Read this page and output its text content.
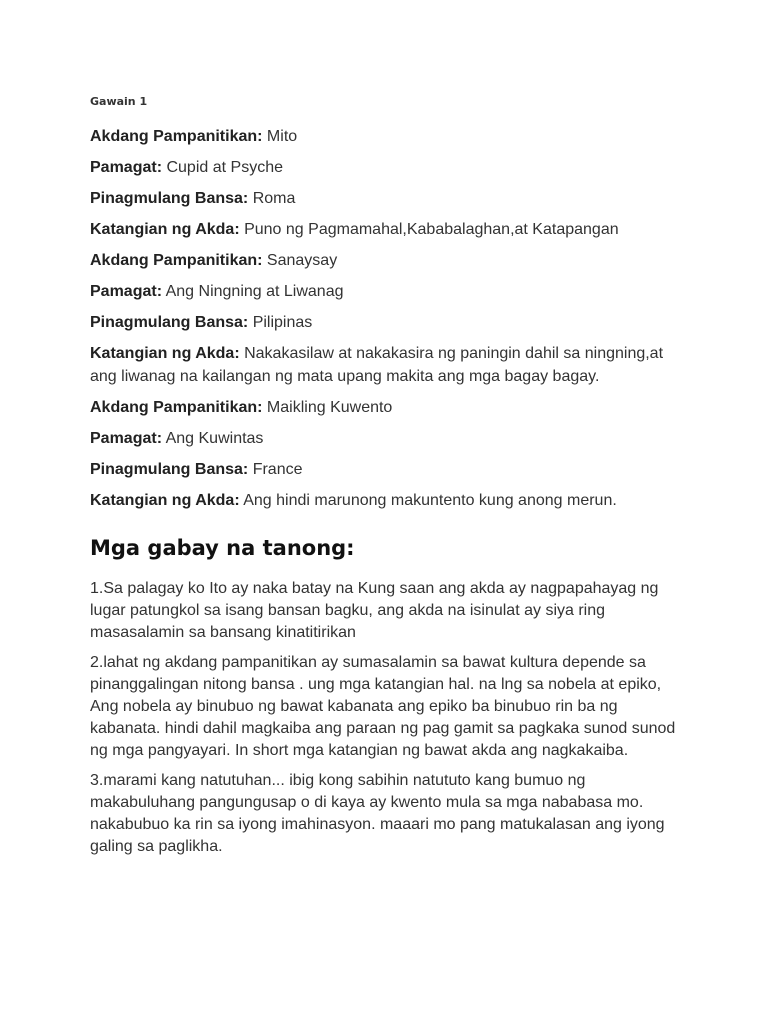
Gawain 1

Akdang Pampanitikan: Mito

Pamagat: Cupid at Psyche

Pinagmulang Bansa: Roma

Katangian ng Akda: Puno ng Pagmamahal,Kababalaghan,at Katapangan

Akdang Pampanitikan: Sanaysay

Pamagat: Ang Ningning at Liwanag

Pinagmulang Bansa: Pilipinas

Katangian ng Akda: Nakakasilaw at nakakasira ng paningin dahil sa ningning,at ang liwanag na kailangan ng mata upang makita ang mga bagay bagay.

Akdang Pampanitikan: Maikling Kuwento

Pamagat: Ang Kuwintas

Pinagmulang Bansa: France

Katangian ng Akda: Ang hindi marunong makuntento kung anong merun.

Mga gabay na tanong:

1.Sa palagay ko Ito ay naka batay na Kung saan ang akda ay nagpapahayag ng lugar patungkol sa isang bansan bagku, ang akda na isinulat ay siya ring masasalamin sa bansang kinatitirikan

2.lahat ng akdang pampanitikan ay sumasalamin sa bawat kultura depende sa pinanggalingan nitong bansa . ung mga katangian hal. na lng sa nobela at epiko, Ang nobela ay binubuo ng bawat kabanata ang epiko ba binubuo rin ba ng kabanata. hindi dahil magkaiba ang paraan ng pag gamit sa pagkaka sunod sunod ng mga pangyayari. In short mga katangian ng bawat akda ang nagkakaiba.

3.marami kang natutuhan... ibig kong sabihin natututo kang bumuo ng makabuluhang pangungusap o di kaya ay kwento mula sa mga nababasa mo. nakabubuo ka rin sa iyong imahinasyon. maaari mo pang matukalasan ang iyong galing sa paglikha.
